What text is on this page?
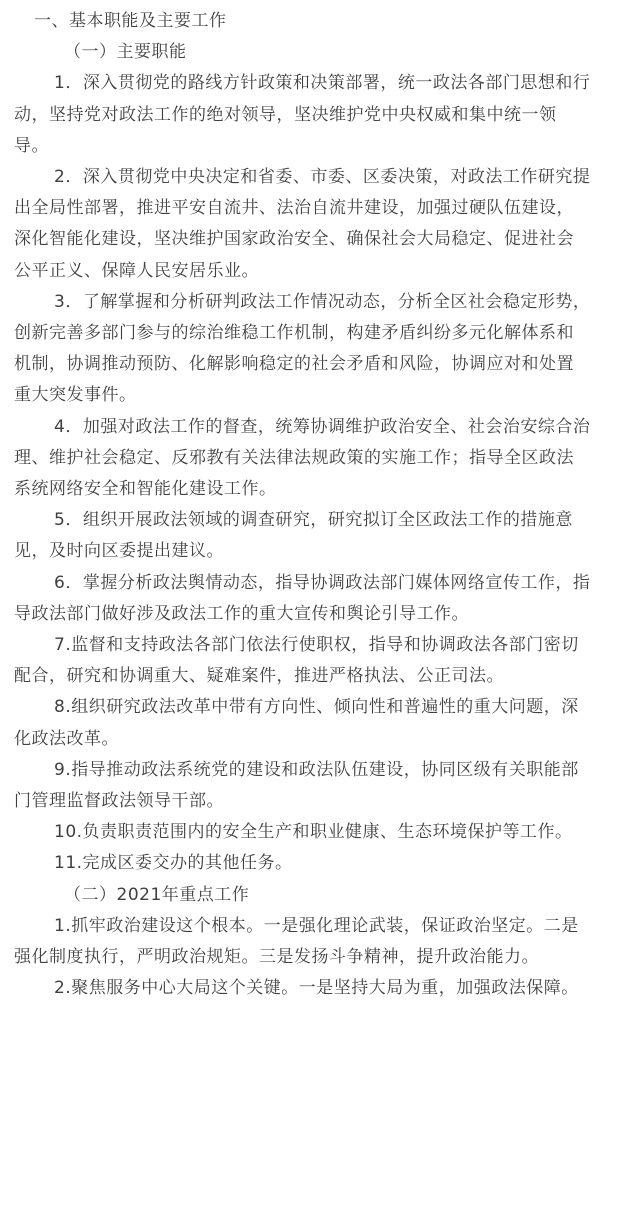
一、基本职能及主要工作
（一）主要职能
1．深入贯彻党的路线方针政策和决策部署，统一政法各部门思想和行
动，坚持党对政法工作的绝对领导，坚决维护党中央权威和集中统一领
导。
2．深入贯彻党中央决定和省委、市委、区委决策，对政法工作研究提
出全局性部署，推进平安自流井、法治自流井建设，加强过硬队伍建设，
深化智能化建设，坚决维护国家政治安全、确保社会大局稳定、促进社会
公平正义、保障人民安居乐业。
3．了解掌握和分析研判政法工作情况动态，分析全区社会稳定形势，
创新完善多部门参与的综治维稳工作机制，构建矛盾纠纷多元化解体系和
机制，协调推动预防、化解影响稳定的社会矛盾和风险，协调应对和处置
重大突发事件。
4．加强对政法工作的督查，统筹协调维护政治安全、社会治安综合治
理、维护社会稳定、反邪教有关法律法规政策的实施工作；指导全区政法
系统网络安全和智能化建设工作。
5．组织开展政法领域的调查研究，研究拟订全区政法工作的措施意
见，及时向区委提出建议。
6．掌握分析政法舆情动态，指导协调政法部门媒体网络宣传工作，指
导政法部门做好涉及政法工作的重大宣传和舆论引导工作。
7.监督和支持政法各部门依法行使职权，指导和协调政法各部门密切
配合，研究和协调重大、疑难案件，推进严格执法、公正司法。
8.组织研究政法改革中带有方向性、倾向性和普遍性的重大问题，深
化政法改革。
9.指导推动政法系统党的建设和政法队伍建设，协同区级有关职能部
门管理监督政法领导干部。
10.负责职责范围内的安全生产和职业健康、生态环境保护等工作。
11.完成区委交办的其他任务。
（二）2021年重点工作
1.抓牢政治建设这个根本。一是强化理论武装，保证政治坚定。二是
强化制度执行，严明政治规矩。三是发扬斗争精神，提升政治能力。
2.聚焦服务中心大局这个关键。一是坚持大局为重，加强政法保障。
